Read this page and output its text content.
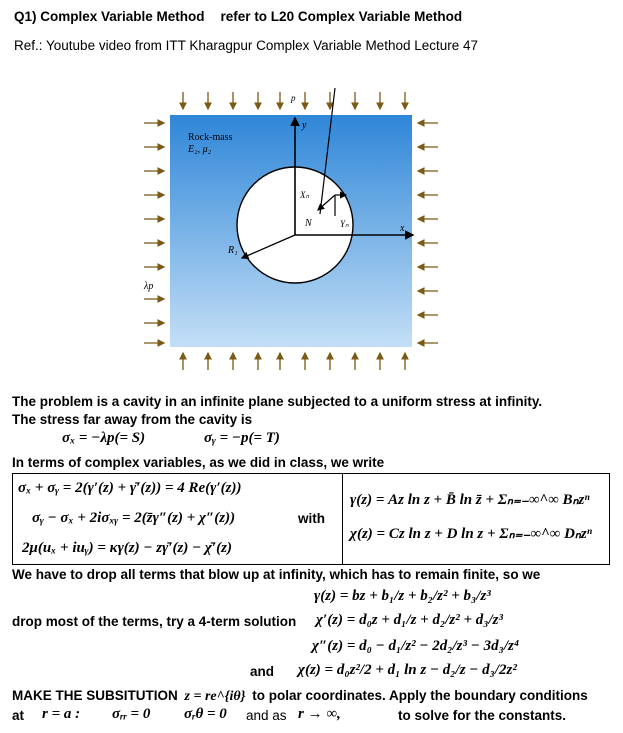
Q1) Complex Variable Method refer to L20 Complex Variable Method
Ref.: Youtube video from ITT Kharagpur Complex Variable Method Lecture 47
Rock-mass
E₂, μ₂
p
λp
y
x
R₁
N
Xₙ
Yₙ
The problem is a cavity in an infinite plane subjected to a uniform stress at infinity.
The stress far away from the cavity is
σₓ = −λp(= S)	σᵧ = −p(= T)
In terms of complex variables, as we did in class, we write
σₓ + σᵧ = 2(γ′(z) + γ̄′(z)) = 4 Re(γ′(z))
σᵧ − σₓ + 2iσₓᵧ = 2(z̄γ″(z) + χ″(z))
2μ(uₓ + iuᵧ) = κγ(z) − zγ̄′(z) − χ̄′(z)
with
γ(z) = Az ln z + B̄ ln z̄ + Σₙ₌₋∞^∞ Bₙzⁿ
χ(z) = Cz ln z + D ln z + Σₙ₌₋∞^∞ Dₙzⁿ
We have to drop all terms that blow up at infinity, which has to remain finite, so we
γ(z) = bz + b₁/z + b₂/z² + b₃/z³
drop most of the terms, try a 4-term solution χ′(z) = d₀z + d₁/z + d₂/z² + d₃/z³
χ″(z) = d₀ − d₁/z² − 2d₂/z³ − 3d₃/z⁴
and χ(z) = d₀z²/2 + d₁ ln z − d₂/z − d₃/2z²
MAKE THE SUBSITUTION z = re^{iθ} to polar coordinates. Apply the boundary conditions
at r = a : σᵣᵣ = 0 σᵣθ = 0 and as r → ∞,	to solve for the constants.
